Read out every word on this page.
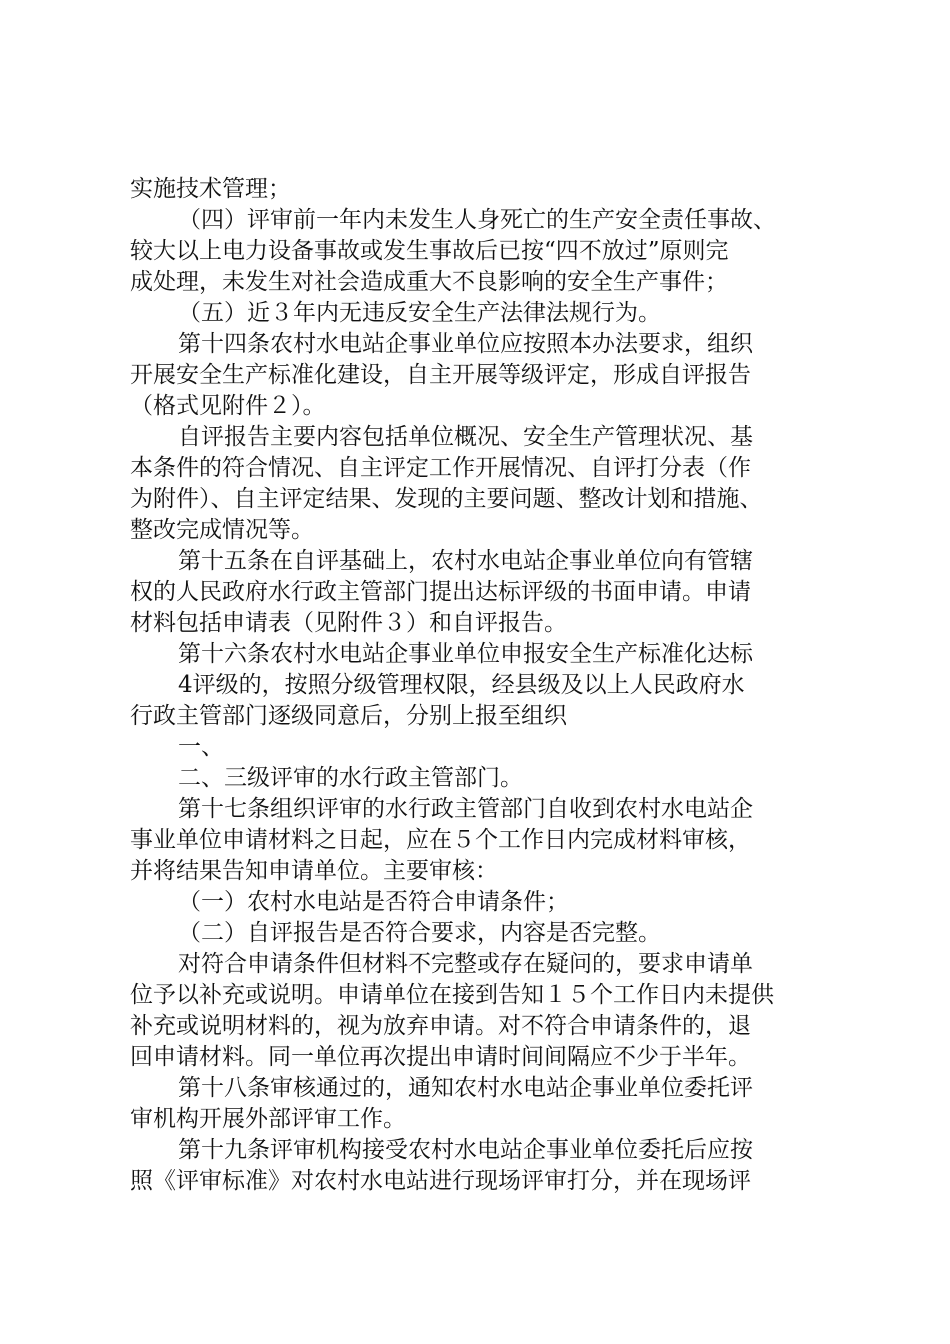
实施技术管理；
（四）评审前一年内未发生人身死亡的生产安全责任事故、
较大以上电力设备事故或发生事故后已按“四不放过”原则完
成处理，未发生对社会造成重大不良影响的安全生产事件；
（五）近３年内无违反安全生产法律法规行为。
第十四条农村水电站企事业单位应按照本办法要求，组织
开展安全生产标准化建设，自主开展等级评定，形成自评报告
（格式见附件２）。
自评报告主要内容包括单位概况、安全生产管理状况、基
本条件的符合情况、自主评定工作开展情况、自评打分表（作
为附件）、自主评定结果、发现的主要问题、整改计划和措施、
整改完成情况等。
第十五条在自评基础上，农村水电站企事业单位向有管辖
权的人民政府水行政主管部门提出达标评级的书面申请。申请
材料包括申请表（见附件３）和自评报告。
第十六条农村水电站企事业单位申报安全生产标准化达标
4评级的，按照分级管理权限，经县级及以上人民政府水
行政主管部门逐级同意后，分别上报至组织
一、
二、三级评审的水行政主管部门。
第十七条组织评审的水行政主管部门自收到农村水电站企
事业单位申请材料之日起，应在５个工作日内完成材料审核，
并将结果告知申请单位。主要审核：
（一）农村水电站是否符合申请条件；
（二）自评报告是否符合要求，内容是否完整。
对符合申请条件但材料不完整或存在疑问的，要求申请单
位予以补充或说明。申请单位在接到告知１５个工作日内未提供
补充或说明材料的，视为放弃申请。对不符合申请条件的，退
回申请材料。同一单位再次提出申请时间间隔应不少于半年。
第十八条审核通过的，通知农村水电站企事业单位委托评
审机构开展外部评审工作。
第十九条评审机构接受农村水电站企事业单位委托后应按
照《评审标准》对农村水电站进行现场评审打分，并在现场评
